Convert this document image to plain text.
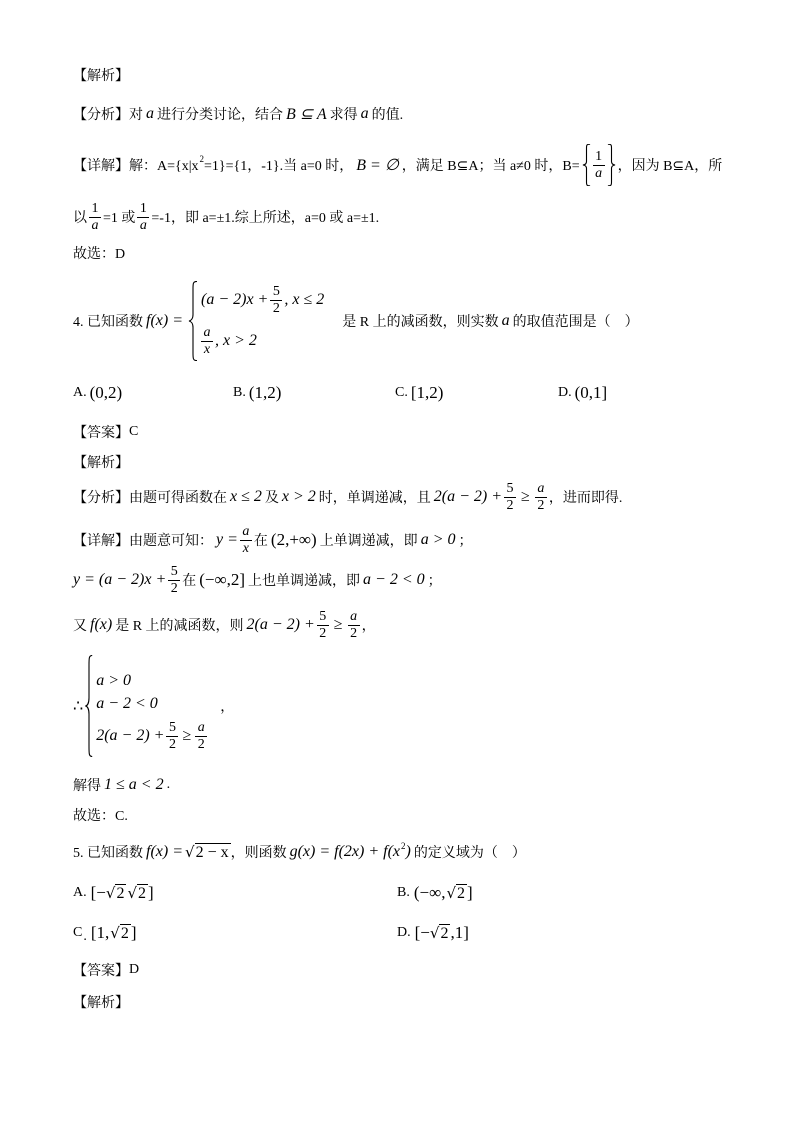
【解析】
【分析】 对 a 进行分类讨论，结合 B ⊆ A 求得 a 的值.
【详解】 解：A={x|x 2 =1}={1，-1}.当 a=0 时， B = ∅ ，满足 B⊆A；当 a≠0 时，$B= \frac{1}{a}$ ，因为 B⊆A，所
以 $\frac{1}{a} =1$ 或 $\frac{1}{a} =-1$，即 a=±1.综上所述，a=0 或 a=±1.
故选：D
4. 已知函数 f(x) =
$(a - 2)x + \frac{5}{2}$ , x ≤ 2
$\frac{a}{x}$ , x > 2
是 R 上的减函数，则实数 a 的取值范围是（　）
A. (0,2)	B. (1,2)	C. [1,2)	D. (0,1]
【答案】 C
【解析】
【分析】 由题可得函数在 x ≤ 2 及 x > 2 时，单调递减，且 $2(a - 2) + \frac{5}{2} \ge \frac{a}{2}$ ，进而即得.
【详解】 由题意可知： $y = \frac{a}{x}$ 在 (2,+∞) 上单调递减，即 a > 0 ；
$y = (a - 2)x + \frac{5}{2}$ 在 (−∞,2] 上也单调递减，即 a − 2 < 0 ；
又 f(x) 是 R 上的减函数，则 $2(a - 2) + \frac{5}{2} \ge \frac{a}{2}$ ，
∴
a > 0
a − 2 < 0
$2(a - 2) + \frac{5}{2} \ge \frac{a}{2}$
，
解得 1 ≤ a < 2 .
故选：C.
5. 已知函数 f(x) = √ 2 − x ，则函数 g(x) = f(2x) + f(x 2 ) 的定义域为（　）
A. [− √ 2 √ 2 ]	B. (−∞, √ 2 ]
C . [1, √ 2 ]	D. [− √ 2 ,1]
【答案】 D
【解析】
